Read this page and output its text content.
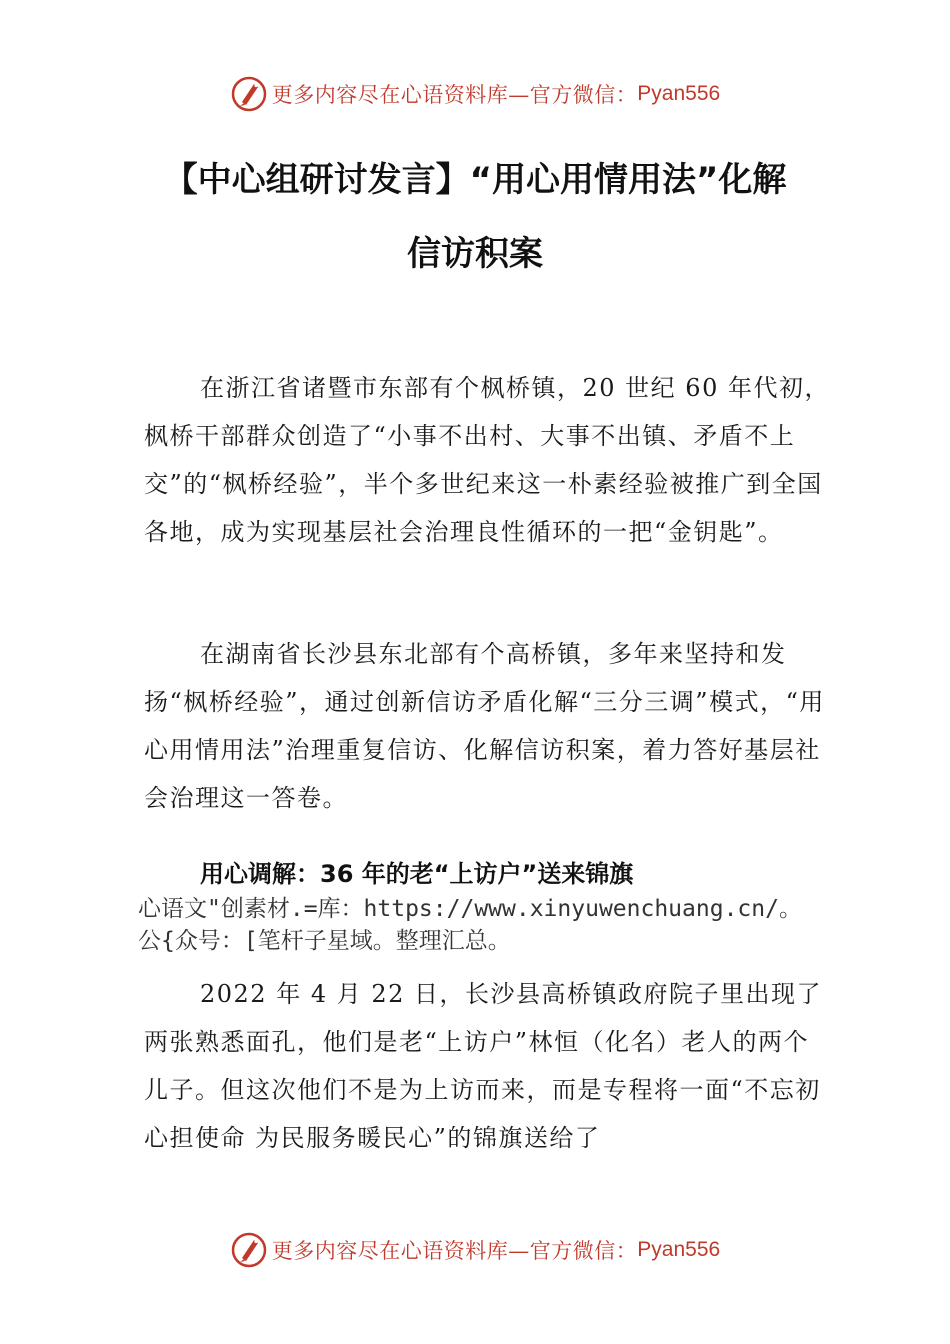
更多内容尽在心语资料库—官方微信： Pyan556
【中心组研讨发言】“用心用情用法”化解
信访积案

在浙江省诸暨市东部有个枫桥镇，20 世纪 60 年代初，枫桥干部群众创造了“小事不出村、大事不出镇、矛盾不上交”的“枫桥经验”，半个多世纪来这一朴素经验被推广到全国各地，成为实现基层社会治理良性循环的一把“金钥匙”。

在湖南省长沙县东北部有个高桥镇，多年来坚持和发扬“枫桥经验”，通过创新信访矛盾化解“三分三调”模式，“用心用情用法”治理重复信访、化解信访积案，着力答好基层社会治理这一答卷。

用心调解：36 年的老“上访户”送来锦旗

心语文"创素材.=库：https://www.xinyuwenchuang.cn/。

公{众号：[笔杆子星域。整理汇总。

2022 年 4 月 22 日，长沙县高桥镇政府院子里出现了两张熟悉面孔，他们是老“上访户”林恒（化名）老人的两个儿子。但这次他们不是为上访而来，而是专程将一面“不忘初心担使命 为民服务暖民心”的锦旗送给了

更多内容尽在心语资料库—官方微信： Pyan556
